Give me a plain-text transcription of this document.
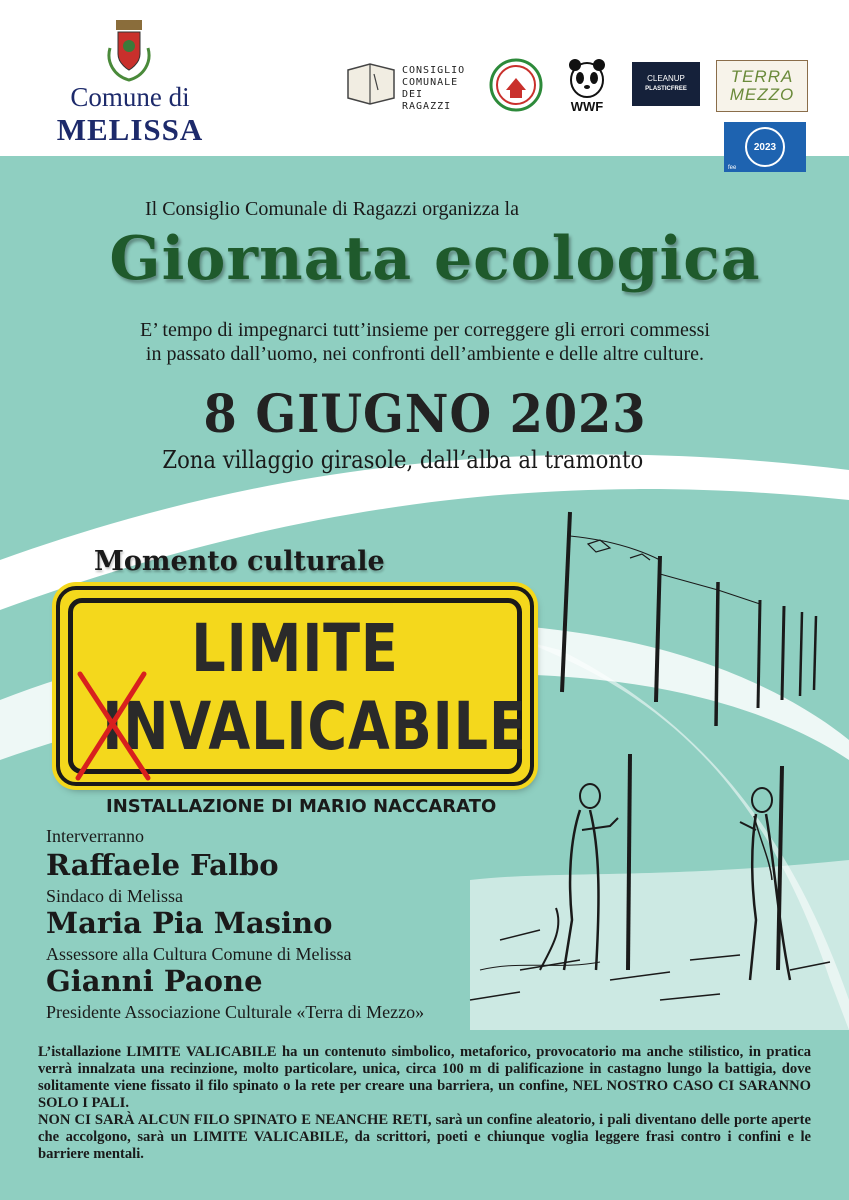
Comune di
MELISSA
CONSIGLIO COMUNALE DEI RAGAZZI	WWF
CLEANUP
PLASTICFREE
TERRA
MEZZO
2023
fee
Il Consiglio Comunale di Ragazzi organizza la
Giornata ecologica
E’ tempo di impegnarci tutt’insieme per correggere gli errori commessi
in passato dall’uomo, nei confronti dell’ambiente e delle altre culture.
8 GIUGNO 2023
Zona villaggio girasole, dall’alba al tramonto
Momento culturale
LIMITE
INVALICABILE
INSTALLAZIONE DI MARIO NACCARATO
Interverranno
Raffaele Falbo
Sindaco di Melissa
Maria Pia Masino
Assessore alla Cultura Comune di Melissa
Gianni Paone
Presidente Associazione Culturale «Terra di Mezzo»
L’istallazione LIMITE VALICABILE ha un contenuto simbolico, metaforico, provocatorio ma anche stilistico, in pratica verrà innalzata una recinzione, molto particolare, unica, circa 100 m di palificazione in castagno lungo la battigia, dove solitamente viene fissato il filo spinato o la rete per creare una barriera, un confine, NEL NOSTRO CASO CI SARANNO SOLO I PALI.
NON CI SARÀ ALCUN FILO SPINATO E NEANCHE RETI, sarà un confine aleatorio, i pali diventano delle porte aperte che accolgono, sarà un LIMITE VALICABILE, da scrittori, poeti e chiunque voglia leggere frasi contro i confini e le barriere mentali.
